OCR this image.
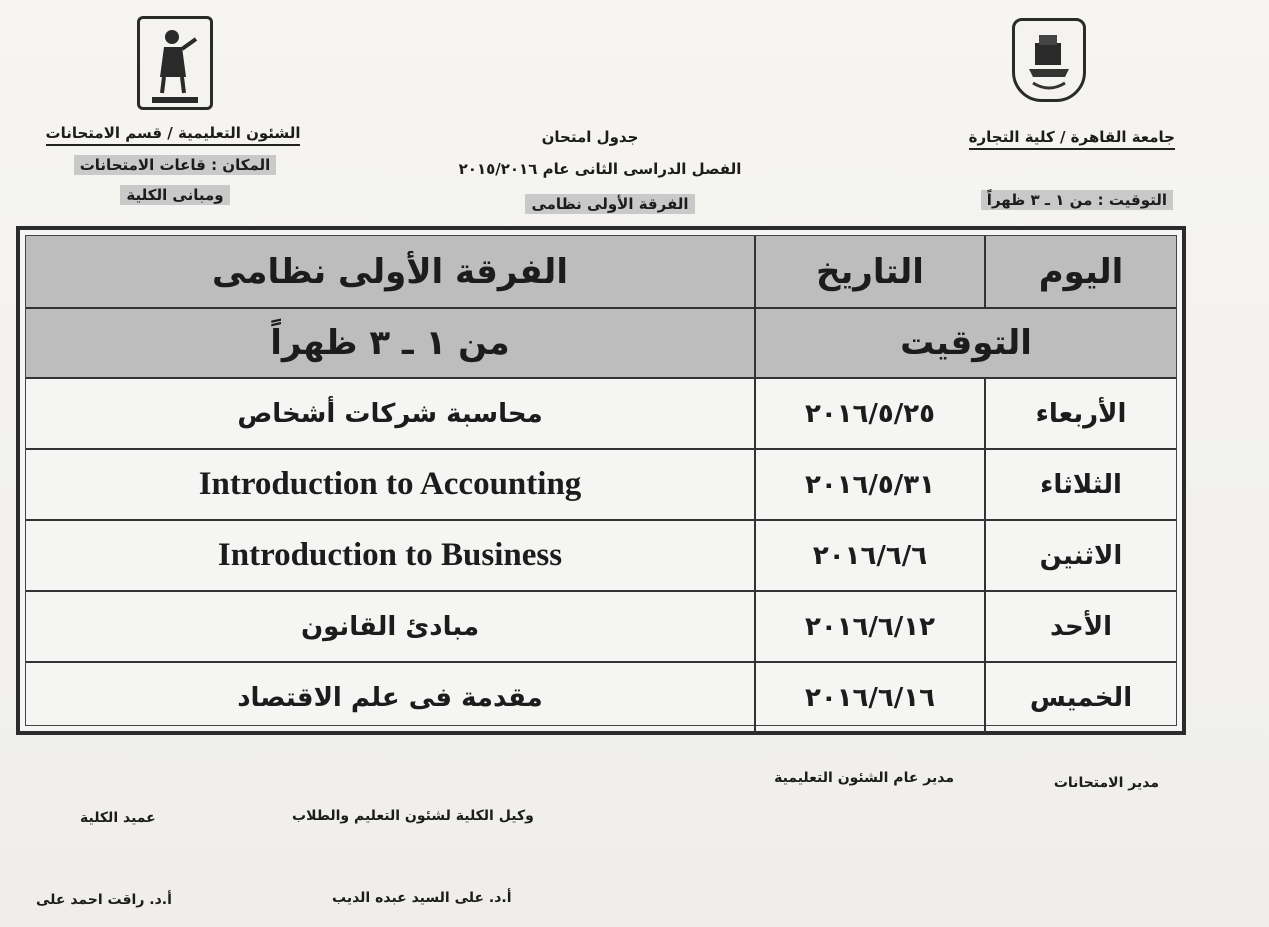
جامعة القاهرة / كلية التجارة
التوقيت : من ١ ـ ٣ ظهراً
جدول امتحان
الفصل الدراسى الثانى عام ٢٠١٥/٢٠١٦
الفرقة الأولى نظامى
الشئون التعليمية / قسم الامتحانات
المكان : قاعات الامتحانات
ومبانى الكلية
الفرقة الأولى نظامى	التاريخ	اليوم
من ١ ـ ٣ ظهراً	التوقيت
محاسبة شركات أشخاص	٢٠١٦/٥/٢٥	الأربعاء
Introduction to Accounting	٢٠١٦/٥/٣١	الثلاثاء
Introduction to Business	٢٠١٦/٦/٦	الاثنين
مبادئ القانون	٢٠١٦/٦/١٢	الأحد
مقدمة فى علم الاقتصاد	٢٠١٦/٦/١٦	الخميس
مدير الامتحانات
مدير عام الشئون التعليمية
وكيل الكلية لشئون التعليم والطلاب
عميد الكلية
أ.د. على السيد عبده الديب
أ.د. راقت احمد على
